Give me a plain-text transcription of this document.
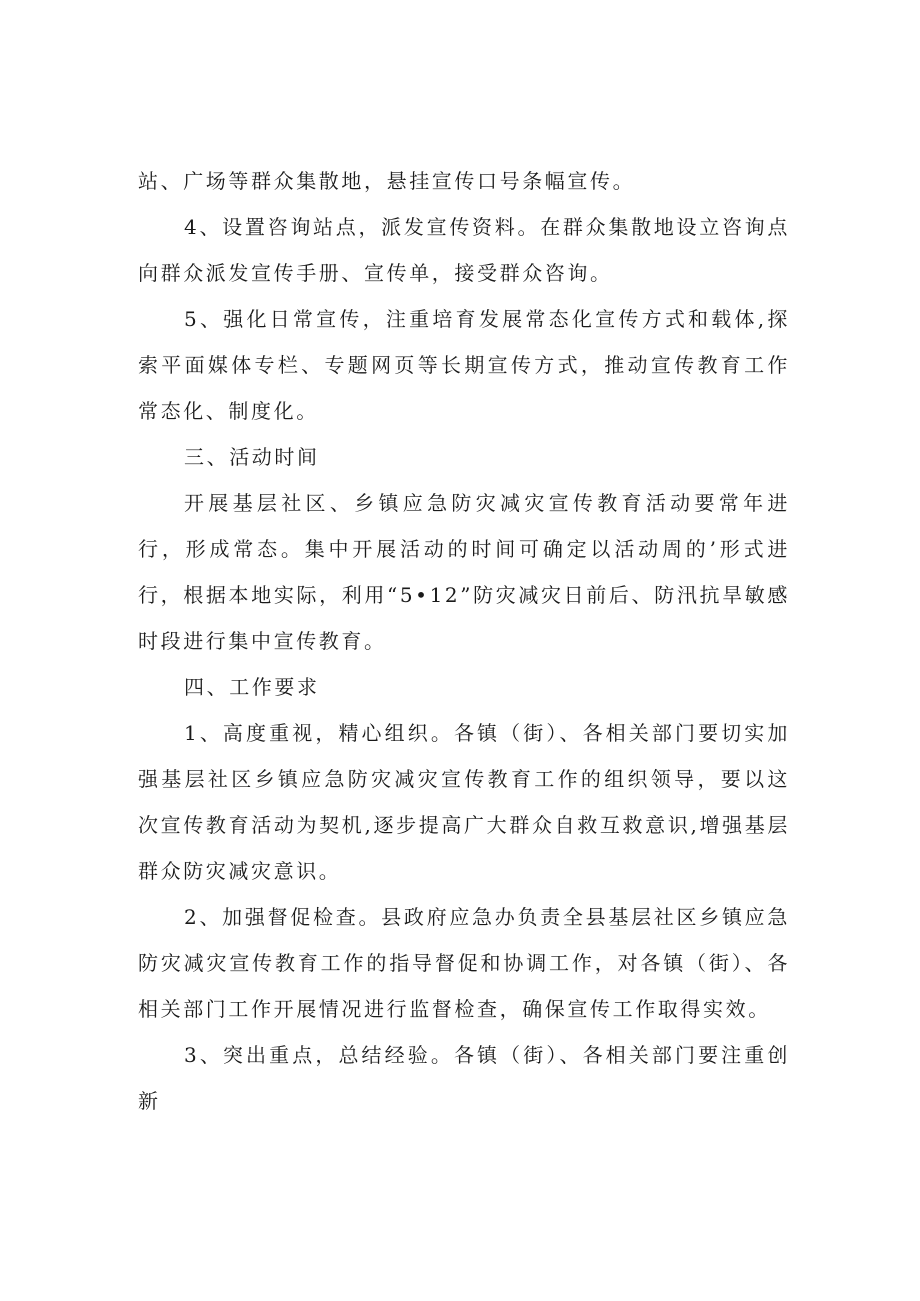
站、广场等群众集散地，悬挂宣传口号条幅宣传。

4、设置咨询站点，派发宣传资料。在群众集散地设立咨询点向群众派发宣传手册、宣传单，接受群众咨询。

5、强化日常宣传，注重培育发展常态化宣传方式和载体,探索平面媒体专栏、专题网页等长期宣传方式，推动宣传教育工作常态化、制度化。

三、活动时间

开展基层社区、乡镇应急防灾减灾宣传教育活动要常年进行，形成常态。集中开展活动的时间可确定以活动周的’形式进行，根据本地实际，利用“5•12”防灾减灾日前后、防汛抗旱敏感时段进行集中宣传教育。

四、工作要求

1、高度重视，精心组织。各镇（街）、各相关部门要切实加强基层社区乡镇应急防灾减灾宣传教育工作的组织领导，要以这次宣传教育活动为契机,逐步提高广大群众自救互救意识,增强基层群众防灾减灾意识。

2、加强督促检查。县政府应急办负责全县基层社区乡镇应急防灾减灾宣传教育工作的指导督促和协调工作，对各镇（街）、各相关部门工作开展情况进行监督检查，确保宣传工作取得实效。

3、突出重点，总结经验。各镇（街）、各相关部门要注重创新
